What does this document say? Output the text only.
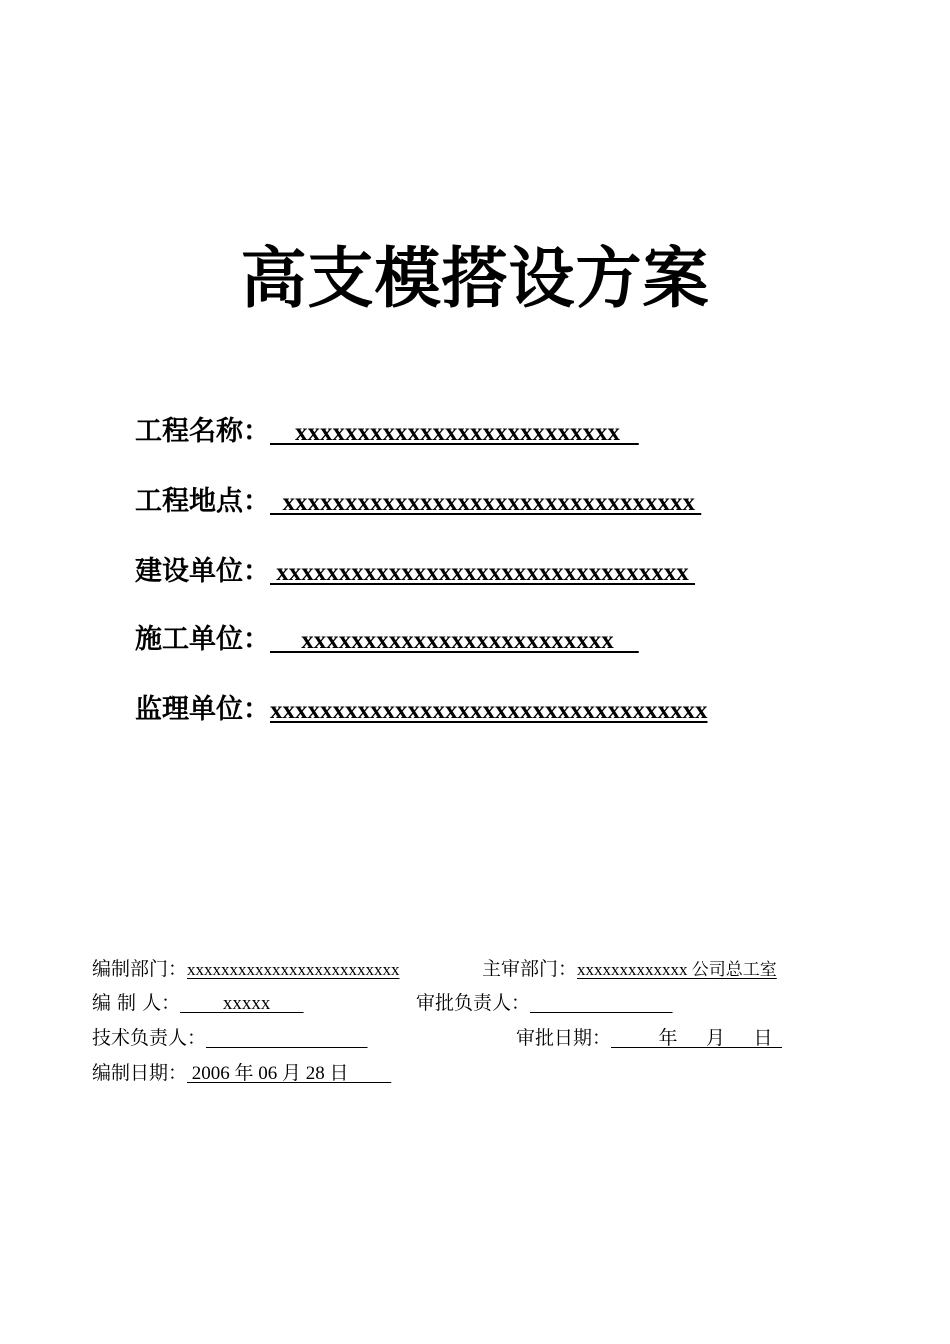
高支模搭设方案
工程名称：    xxxxxxxxxxxxxxxxxxxxxxxxxx
工程地点：  xxxxxxxxxxxxxxxxxxxxxxxxxxxxxxxxx
建设单位： xxxxxxxxxxxxxxxxxxxxxxxxxxxxxxxxx
施工单位：     xxxxxxxxxxxxxxxxxxxxxxxxx
监理单位：xxxxxxxxxxxxxxxxxxxxxxxxxxxxxxxxxxx
编制部门：xxxxxxxxxxxxxxxxxxxxxxxxx	主审部门：xxxxxxxxxxxxx 公司总工室
编 制 人：         xxxxx	审批负责人：
技术负责人：	审批日期：          年      月      日
编制日期： 2006 年 06 月 28 日
